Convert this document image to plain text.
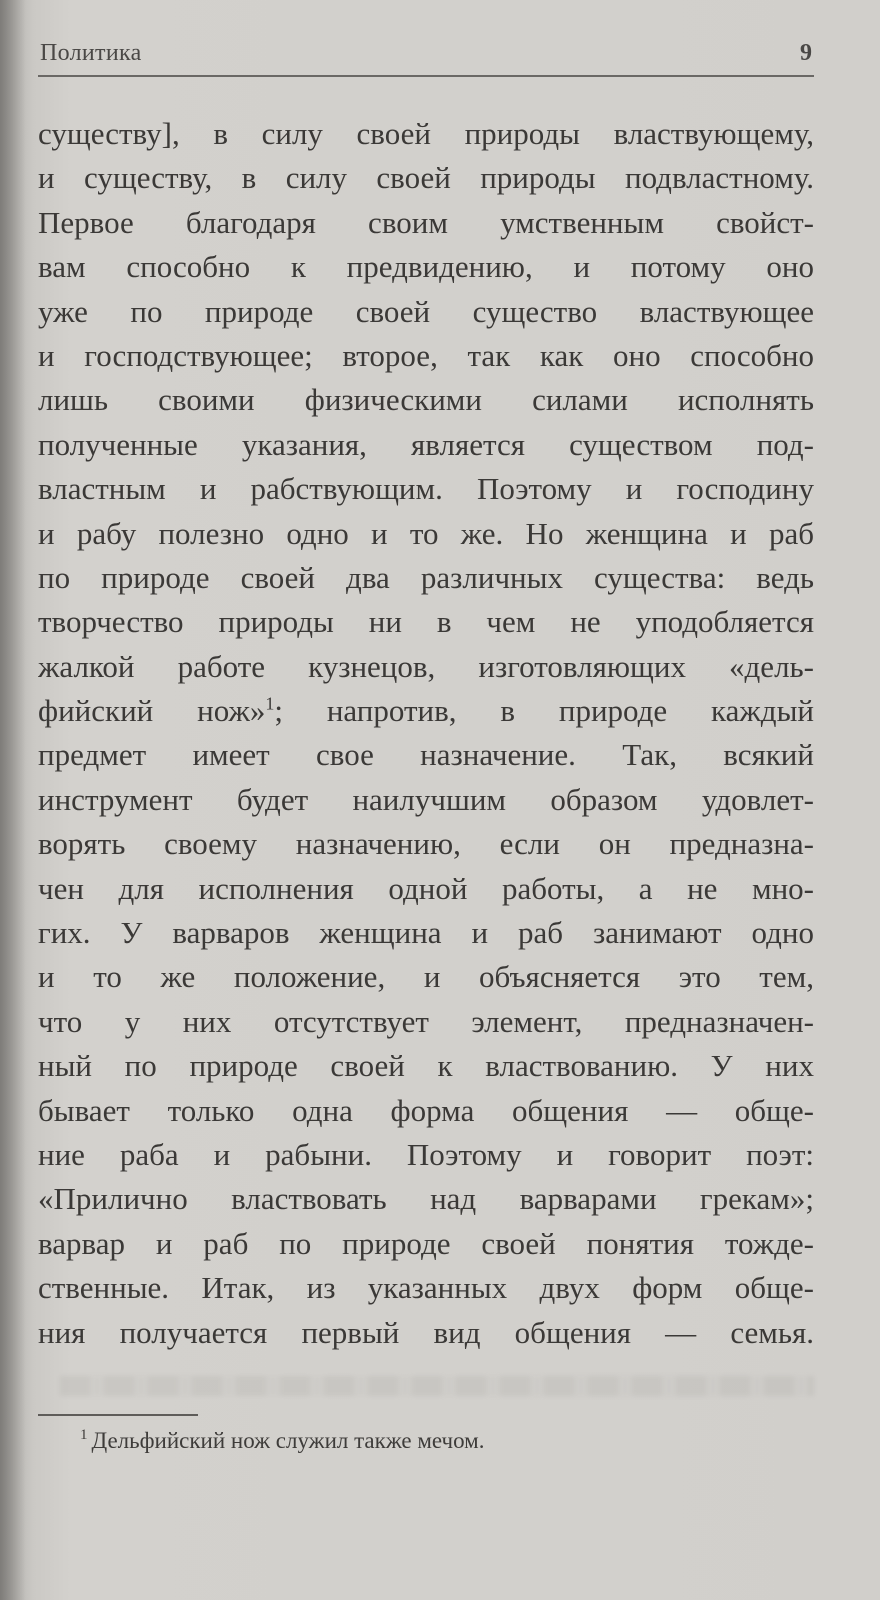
Политика	9
существу], в силу своей природы властвующему,
и существу, в силу своей природы подвластному.
Первое благодаря своим умственным свойст-
вам способно к предвидению, и потому оно
уже по природе своей существо властвующее
и господствующее; второе, так как оно способно
лишь своими физическими силами исполнять
полученные указания, является существом под-
властным и рабствующим. Поэтому и господину
и рабу полезно одно и то же. Но женщина и раб
по природе своей два различных существа: ведь
творчество природы ни в чем не уподобляется
жалкой работе кузнецов, изготовляющих «дель-
фийский нож»$^1$; напротив, в природе каждый
предмет имеет свое назначение. Так, всякий
инструмент будет наилучшим образом удовлет-
ворять своему назначению, если он предназна-
чен для исполнения одной работы, а не мно-
гих. У варваров женщина и раб занимают одно
и то же положение, и объясняется это тем,
что у них отсутствует элемент, предназначен-
ный по природе своей к властвованию. У них
бывает только одна форма общения — обще-
ние раба и рабыни. Поэтому и говорит поэт:
«Прилично властвовать над варварами грекам»;
варвар и раб по природе своей понятия тожде-
ственные. Итак, из указанных двух форм обще-
ния получается первый вид общения — семья.
$^1$ Дельфийский нож служил также мечом.
